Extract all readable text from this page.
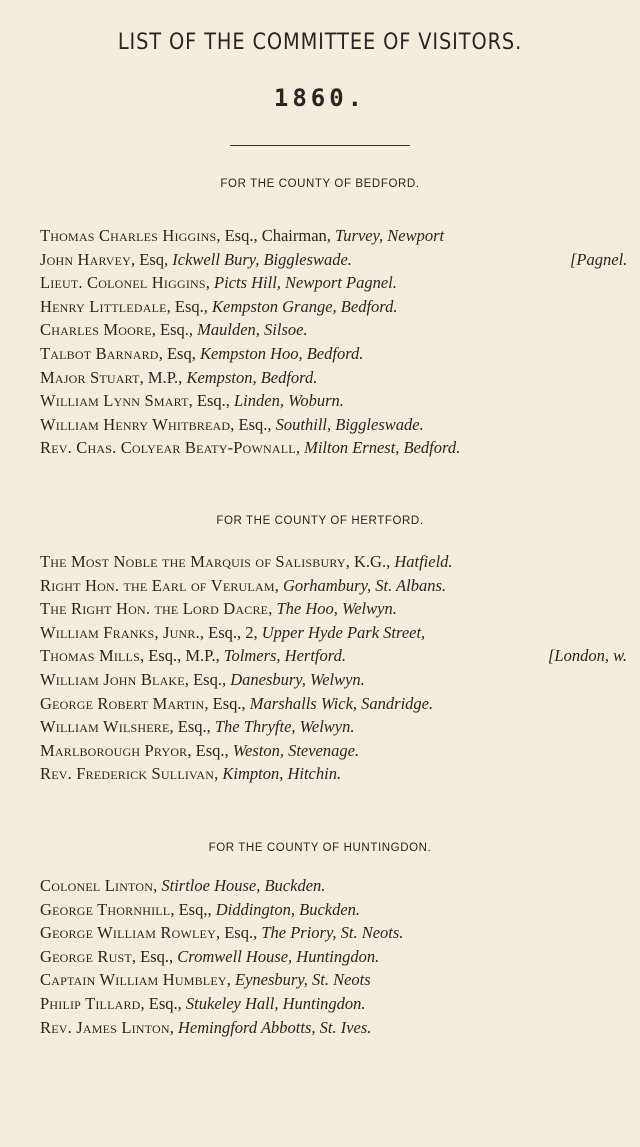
LIST OF THE COMMITTEE OF VISITORS.
1860.
FOR THE COUNTY OF BEDFORD.
Thomas Charles Higgins, Esq., Chairman, Turvey, Newport
John Harvey, Esq, Ickwell Bury, Biggleswade.	[Pagnel.
Lieut. Colonel Higgins, Picts Hill, Newport Pagnel.
Henry Littledale, Esq., Kempston Grange, Bedford.
Charles Moore, Esq., Maulden, Silsoe.
Talbot Barnard, Esq, Kempston Hoo, Bedford.
Major Stuart, M.P., Kempston, Bedford.
William Lynn Smart, Esq., Linden, Woburn.
William Henry Whitbread, Esq., Southill, Biggleswade.
Rev. Chas. Colyear Beaty-Pownall, Milton Ernest, Bedford.
FOR THE COUNTY OF HERTFORD.
The Most Noble the Marquis of Salisbury, K.G., Hatfield.
Right Hon. the Earl of Verulam, Gorhambury, St. Albans.
The Right Hon. the Lord Dacre, The Hoo, Welwyn.
William Franks, Junr., Esq., 2, Upper Hyde Park Street,
Thomas Mills, Esq., M.P., Tolmers, Hertford.	[London, w.
William John Blake, Esq., Danesbury, Welwyn.
George Robert Martin, Esq., Marshalls Wick, Sandridge.
William Wilshere, Esq., The Thryfte, Welwyn.
Marlborough Pryor, Esq., Weston, Stevenage.
Rev. Frederick Sullivan, Kimpton, Hitchin.
FOR THE COUNTY OF HUNTINGDON.
Colonel Linton, Stirtloe House, Buckden.
George Thornhill, Esq,, Diddington, Buckden.
George William Rowley, Esq., The Priory, St. Neots.
George Rust, Esq., Cromwell House, Huntingdon.
Captain William Humbley, Eynesbury, St. Neots
Philip Tillard, Esq., Stukeley Hall, Huntingdon.
Rev. James Linton, Hemingford Abbotts, St. Ives.
